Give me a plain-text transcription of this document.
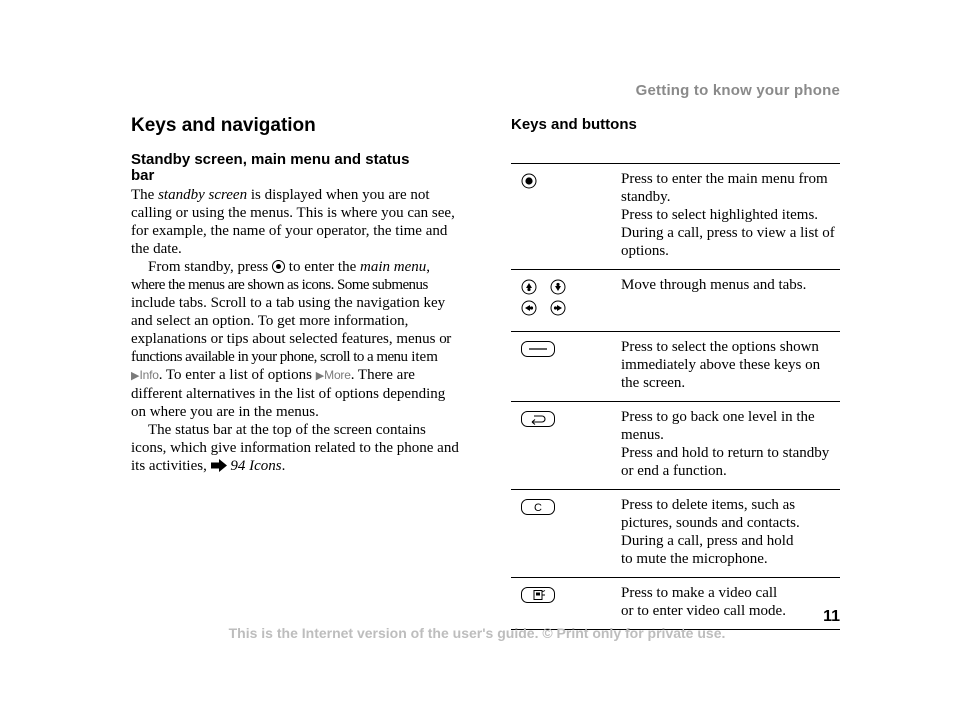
Getting to know your phone
Keys and navigation
Standby screen, main menu and status bar

The standby screen is displayed when you are not calling or using the menus. This is where you can see, for example, the name of your operator, the time and the date.

From standby, press  to enter the main menu, where the menus are shown as icons. Some submenus include tabs. Scroll to a tab using the navigation key and select an option. To get more information, explanations or tips about selected features, menus or functions available in your phone, scroll to a menu item ▶Info. To enter a list of options ▶More. There are different alternatives in the list of options depending on where you are in the menus.

The status bar at the top of the screen contains icons, which give information related to the phone and its activities,  94 Icons.

Keys and buttons

Press to enter the main menu from standby.
Press to select highlighted items.
During a call, press to view a list of options.

Move through menus and tabs.

Press to select the options shown immediately above these keys on the screen.

Press to go back one level in the menus.
Press and hold to return to standby or end a function.

C	Press to delete items, such as pictures, sounds and contacts.
During a call, press and hold
to mute the microphone.

Press to make a video call
or to enter video call mode.	11
This is the Internet version of the user's guide. © Print only for private use.
